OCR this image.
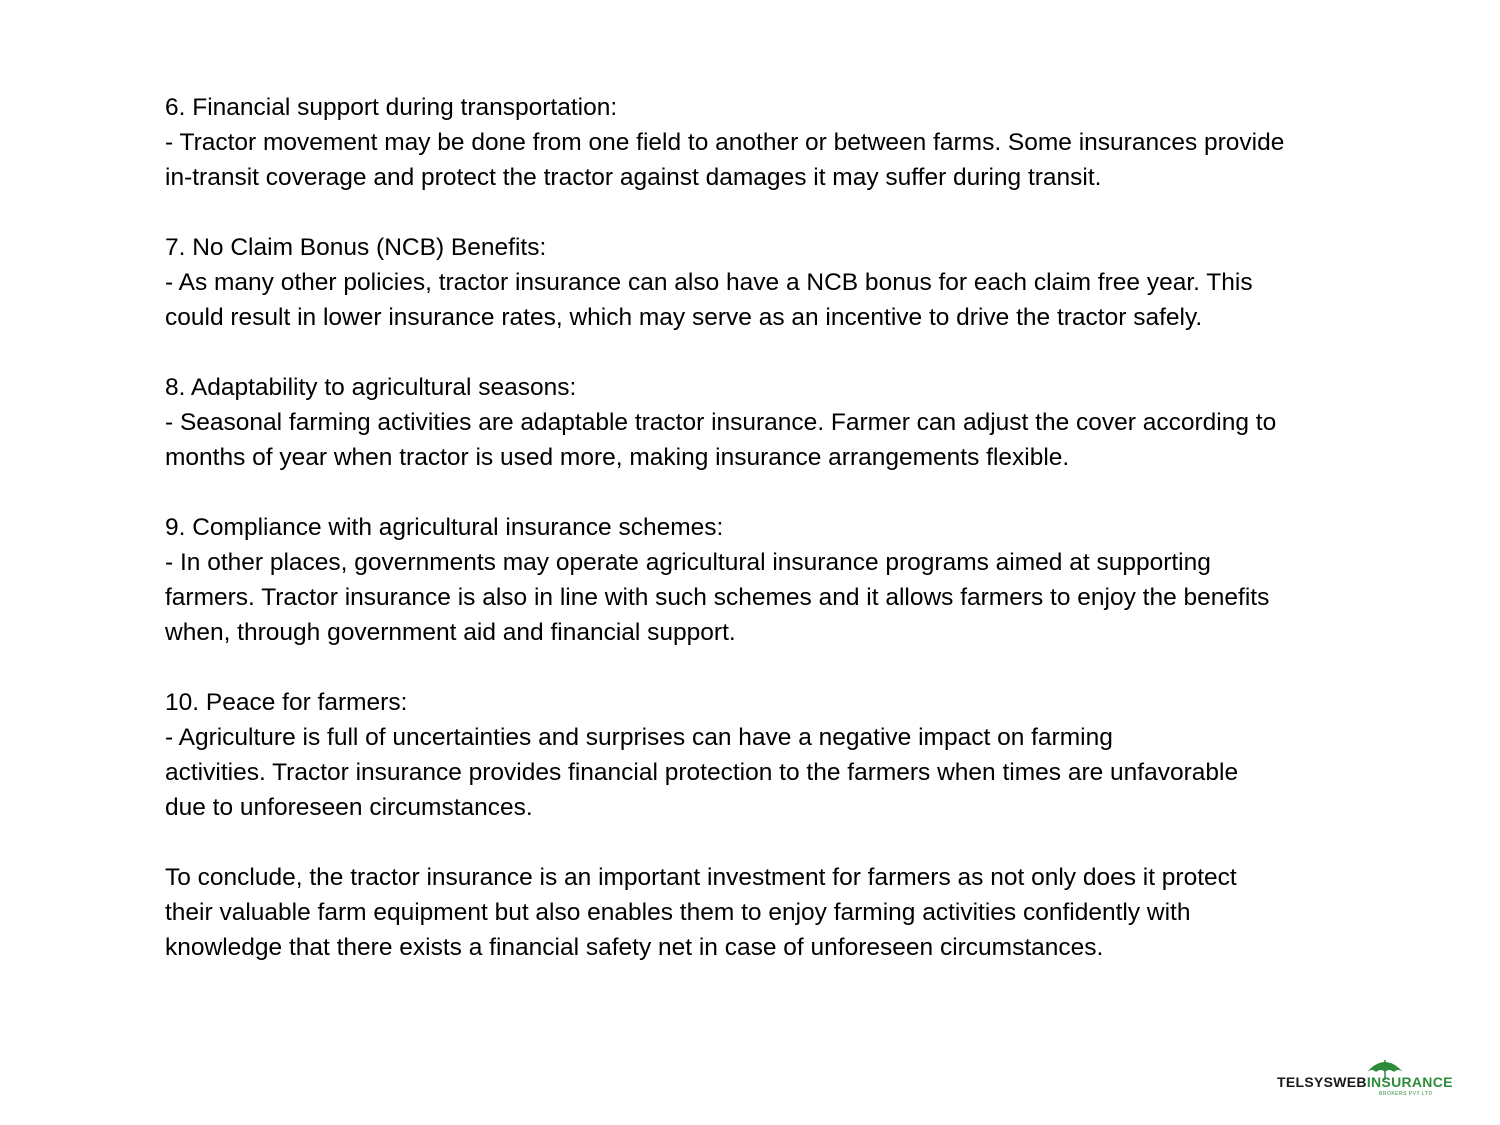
6. Financial support during transportation:
- Tractor movement may be done from one field to another or between farms. Some insurances provide
in-transit coverage and protect the tractor against damages it may suffer during transit.
7. No Claim Bonus (NCB) Benefits:
- As many other policies, tractor insurance can also have a NCB bonus for each claim free year. This
could result in lower insurance rates, which may serve as an incentive to drive the tractor safely.
8. Adaptability to agricultural seasons:
- Seasonal farming activities are adaptable tractor insurance. Farmer can adjust the cover according to
months of year when tractor is used more, making insurance arrangements flexible.
9. Compliance with agricultural insurance schemes:
- In other places, governments may operate agricultural insurance programs aimed at supporting
farmers. Tractor insurance is also in line with such schemes and it allows farmers to enjoy the benefits
when, through government aid and financial support.
10. Peace for farmers:
- Agriculture is full of uncertainties and surprises can have a negative impact on farming
activities. Tractor insurance provides financial protection to the farmers when times are unfavorable
due to unforeseen circumstances.
To conclude, the tractor insurance is an important investment for farmers as not only does it protect
their valuable farm equipment but also enables them to enjoy farming activities confidently with
knowledge that there exists a financial safety net in case of unforeseen circumstances.
TELSYSWEBINSURANCE
BROKERS PVT LTD
